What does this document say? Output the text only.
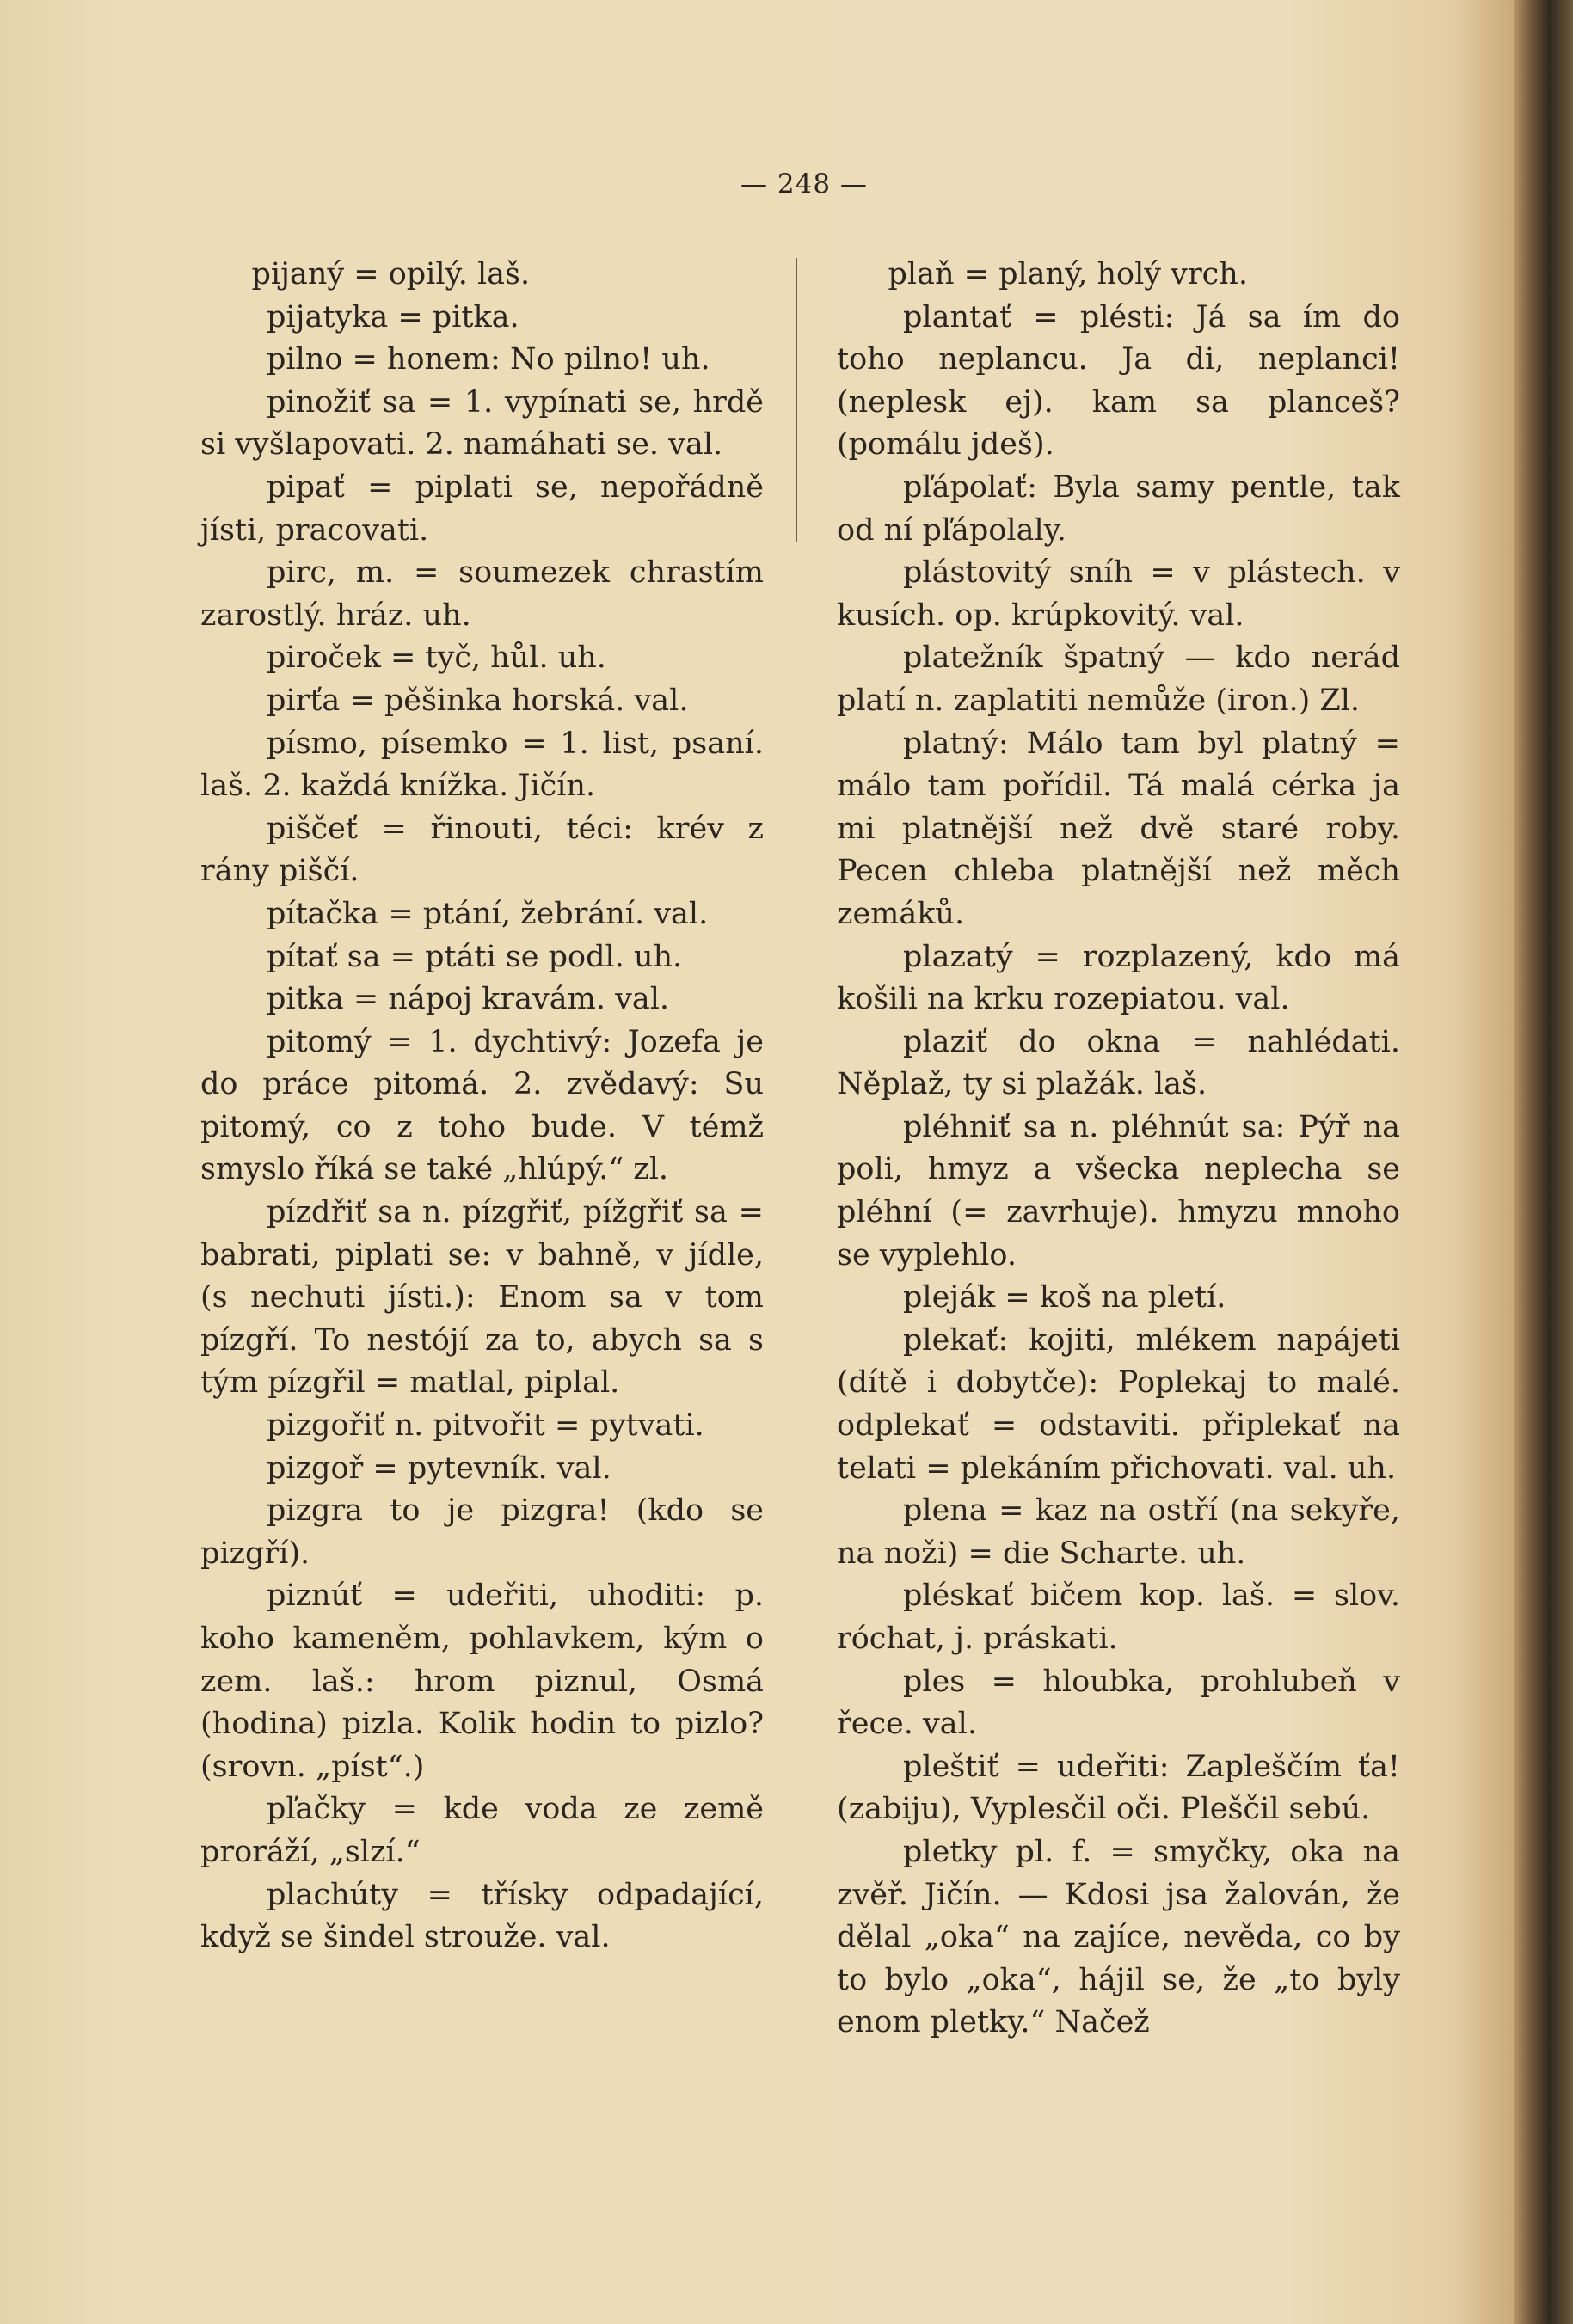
— 248 —

pijaný = opilý. laš.

pijatyka = pitka.

pilno = honem: No pilno! uh.

pinožiť sa = 1. vypínati se, hrdě si vyšlapovati. 2. namáhati se. val.

pipať = piplati se, nepořádně jísti, pracovati.

pirc, m. = soumezek chrastím zarostlý. hráz. uh.

piroček = tyč, hůl. uh.

pirťa = pěšinka horská. val.

písmo, písemko = 1. list, psaní. laš. 2. každá knížka. Jičín.

piščeť = řinouti, téci: krév z rány piščí.

pítačka = ptání, žebrání. val.

pítať sa = ptáti se podl. uh.

pitka = nápoj kravám. val.

pitomý = 1. dychtivý: Jozefa je do práce pitomá. 2. zvědavý: Su pitomý, co z toho bude. V témž smyslo říká se také „hlúpý.“ zl.

pízdřiť sa n. pízgřiť, pížgřiť sa = babrati, piplati se: v bahně, v jídle, (s nechuti jísti.): Enom sa v tom pízgří. To nestójí za to, abych sa s tým pízgřil = matlal, piplal.

pizgořiť n. pitvořit = pytvati.

pizgoř = pytevník. val.

pizgra to je pizgra! (kdo se pizgří).

piznúť = udeřiti, uhoditi: p. koho kameněm, pohlavkem, kým o zem. laš.: hrom piznul, Osmá (hodina) pizla. Kolik hodin to pizlo? (srovn. „píst“.)

pľačky = kde voda ze země proráží, „slzí.“

plachúty = třísky odpadající, když se šindel strouže. val.

plaň = planý, holý vrch.

plantať = plésti: Já sa ím do toho neplancu. Ja di, neplanci! (neplesk ej). kam sa planceš? (pomálu jdeš).

pľápolať: Byla samy pentle, tak od ní pľápolaly.

plástovitý sníh = v plástech. v kusích. op. krúpkovitý. val.

platežník špatný — kdo nerád platí n. zaplatiti nemůže (iron.) Zl.

platný: Málo tam byl platný = málo tam pořídil. Tá malá cérka ja mi platnější než dvě staré roby. Pecen chleba platnější než měch zemáků.

plazatý = rozplazený, kdo má košili na krku rozepiatou. val.

plaziť do okna = nahlédati. Něplaž, ty si plažák. laš.

pléhniť sa n. pléhnút sa: Pýř na poli, hmyz a všecka neplecha se pléhní (= zavrhuje). hmyzu mnoho se vyplehlo.

pleják = koš na pletí.

plekať: kojiti, mlékem napájeti (dítě i dobytče): Poplekaj to malé. odplekať = odstaviti. připlekať na telati = plekáním přichovati. val. uh.

plena = kaz na ostří (na sekyře, na noži) = die Scharte. uh.

pléskať bičem kop. laš. = slov. róchat, j. práskati.

ples = hloubka, prohlubeň v řece. val.

pleštiť = udeřiti: Zapleščím ťa! (zabiju), Vyplesčil oči. Pleščil sebú.

pletky pl. f. = smyčky, oka na zvěř. Jičín. — Kdosi jsa žalován, že dělal „oka“ na zajíce, nevěda, co by to bylo „oka“, hájil se, že „to byly enom pletky.“ Načež
